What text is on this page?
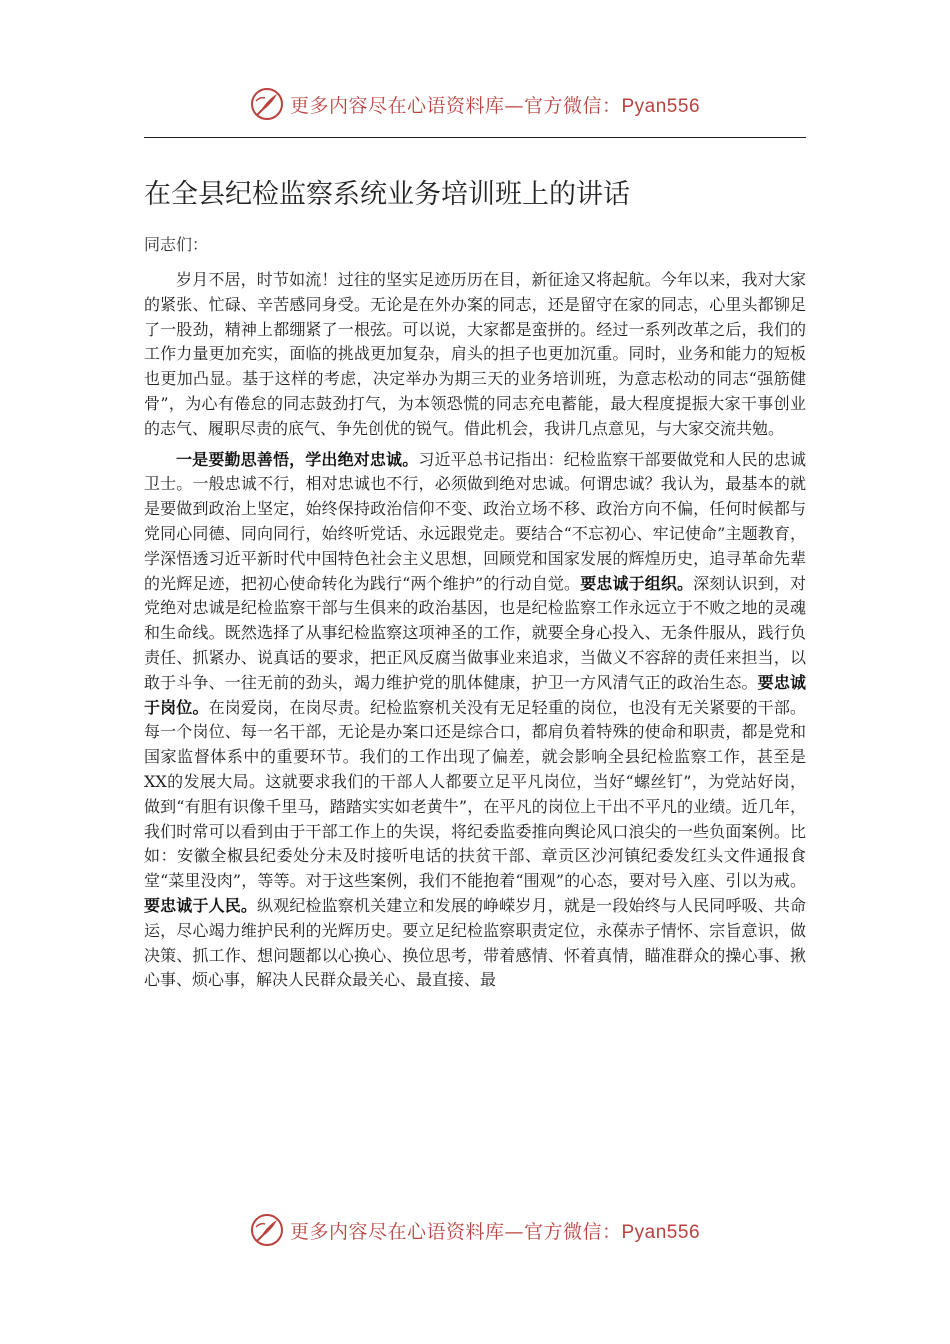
更多内容尽在心语资料库—官方微信：Pyan556
在全县纪检监察系统业务培训班上的讲话
同志们：

岁月不居，时节如流！过往的坚实足迹历历在目，新征途又将起航。今年以来，我对大家的紧张、忙碌、辛苦感同身受。无论是在外办案的同志，还是留守在家的同志，心里头都铆足了一股劲，精神上都绷紧了一根弦。可以说，大家都是蛮拼的。经过一系列改革之后，我们的工作力量更加充实，面临的挑战更加复杂，肩头的担子也更加沉重。同时，业务和能力的短板也更加凸显。基于这样的考虑，决定举办为期三天的业务培训班，为意志松动的同志“强筋健骨”，为心有倦怠的同志鼓劲打气，为本领恐慌的同志充电蓄能，最大程度提振大家干事创业的志气、履职尽责的底气、争先创优的锐气。借此机会，我讲几点意见，与大家交流共勉。

一是要勤思善悟，学出绝对忠诚。习近平总书记指出：纪检监察干部要做党和人民的忠诚卫士。一般忠诚不行，相对忠诚也不行，必须做到绝对忠诚。何谓忠诚？我认为，最基本的就是要做到政治上坚定，始终保持政治信仰不变、政治立场不移、政治方向不偏，任何时候都与党同心同德、同向同行，始终听党话、永远跟党走。要结合“不忘初心、牢记使命”主题教育，学深悟透习近平新时代中国特色社会主义思想，回顾党和国家发展的辉煌历史，追寻革命先辈的光辉足迹，把初心使命转化为践行“两个维护”的行动自觉。要忠诚于组织。深刻认识到，对党绝对忠诚是纪检监察干部与生俱来的政治基因，也是纪检监察工作永远立于不败之地的灵魂和生命线。既然选择了从事纪检监察这项神圣的工作，就要全身心投入、无条件服从，践行负责任、抓紧办、说真话的要求，把正风反腐当做事业来追求，当做义不容辞的责任来担当，以敢于斗争、一往无前的劲头，竭力维护党的肌体健康，护卫一方风清气正的政治生态。要忠诚于岗位。在岗爱岗，在岗尽责。纪检监察机关没有无足轻重的岗位，也没有无关紧要的干部。每一个岗位、每一名干部，无论是办案口还是综合口，都肩负着特殊的使命和职责，都是党和国家监督体系中的重要环节。我们的工作出现了偏差，就会影响全县纪检监察工作，甚至是XX的发展大局。这就要求我们的干部人人都要立足平凡岗位，当好“螺丝钉”，为党站好岗，做到“有胆有识像千里马，踏踏实实如老黄牛”，在平凡的岗位上干出不平凡的业绩。近几年，我们时常可以看到由于干部工作上的失误，将纪委监委推向舆论风口浪尖的一些负面案例。比如：安徽全椒县纪委处分未及时接听电话的扶贫干部、章贡区沙河镇纪委发红头文件通报食堂“菜里没肉”，等等。对于这些案例，我们不能抱着“围观”的心态，要对号入座、引以为戒。要忠诚于人民。纵观纪检监察机关建立和发展的峥嵘岁月，就是一段始终与人民同呼吸、共命运，尽心竭力维护民利的光辉历史。要立足纪检监察职责定位，永葆赤子情怀、宗旨意识，做决策、抓工作、想问题都以心换心、换位思考，带着感情、怀着真情，瞄准群众的操心事、揪心事、烦心事，解决人民群众最关心、最直接、最

更多内容尽在心语资料库—官方微信：Pyan556
